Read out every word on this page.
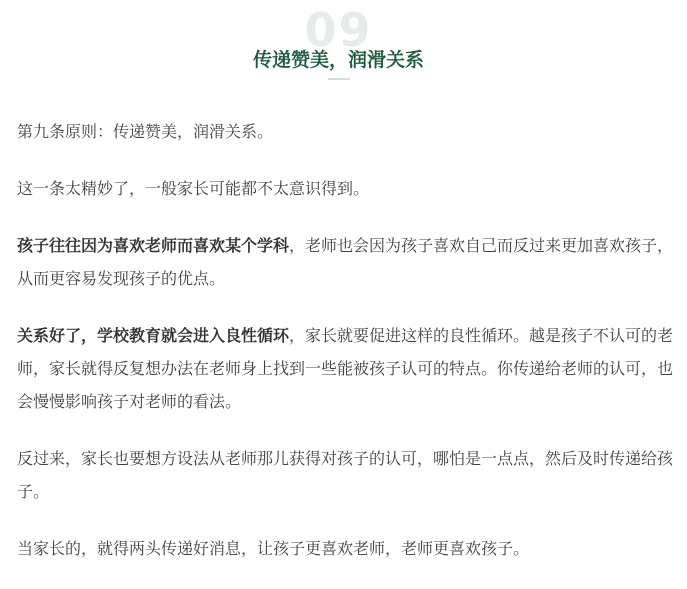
09
传递赞美，润滑关系

第九条原则：传递赞美，润滑关系。

这一条太精妙了，一般家长可能都不太意识得到。

孩子往往因为喜欢老师而喜欢某个学科，老师也会因为孩子喜欢自己而反过来更加喜欢孩子，从而更容易发现孩子的优点。

关系好了，学校教育就会进入良性循环，家长就要促进这样的良性循环。越是孩子不认可的老师，家长就得反复想办法在老师身上找到一些能被孩子认可的特点。你传递给老师的认可，也会慢慢影响孩子对老师的看法。

反过来，家长也要想方设法从老师那儿获得对孩子的认可，哪怕是一点点，然后及时传递给孩子。

当家长的，就得两头传递好消息，让孩子更喜欢老师，老师更喜欢孩子。
